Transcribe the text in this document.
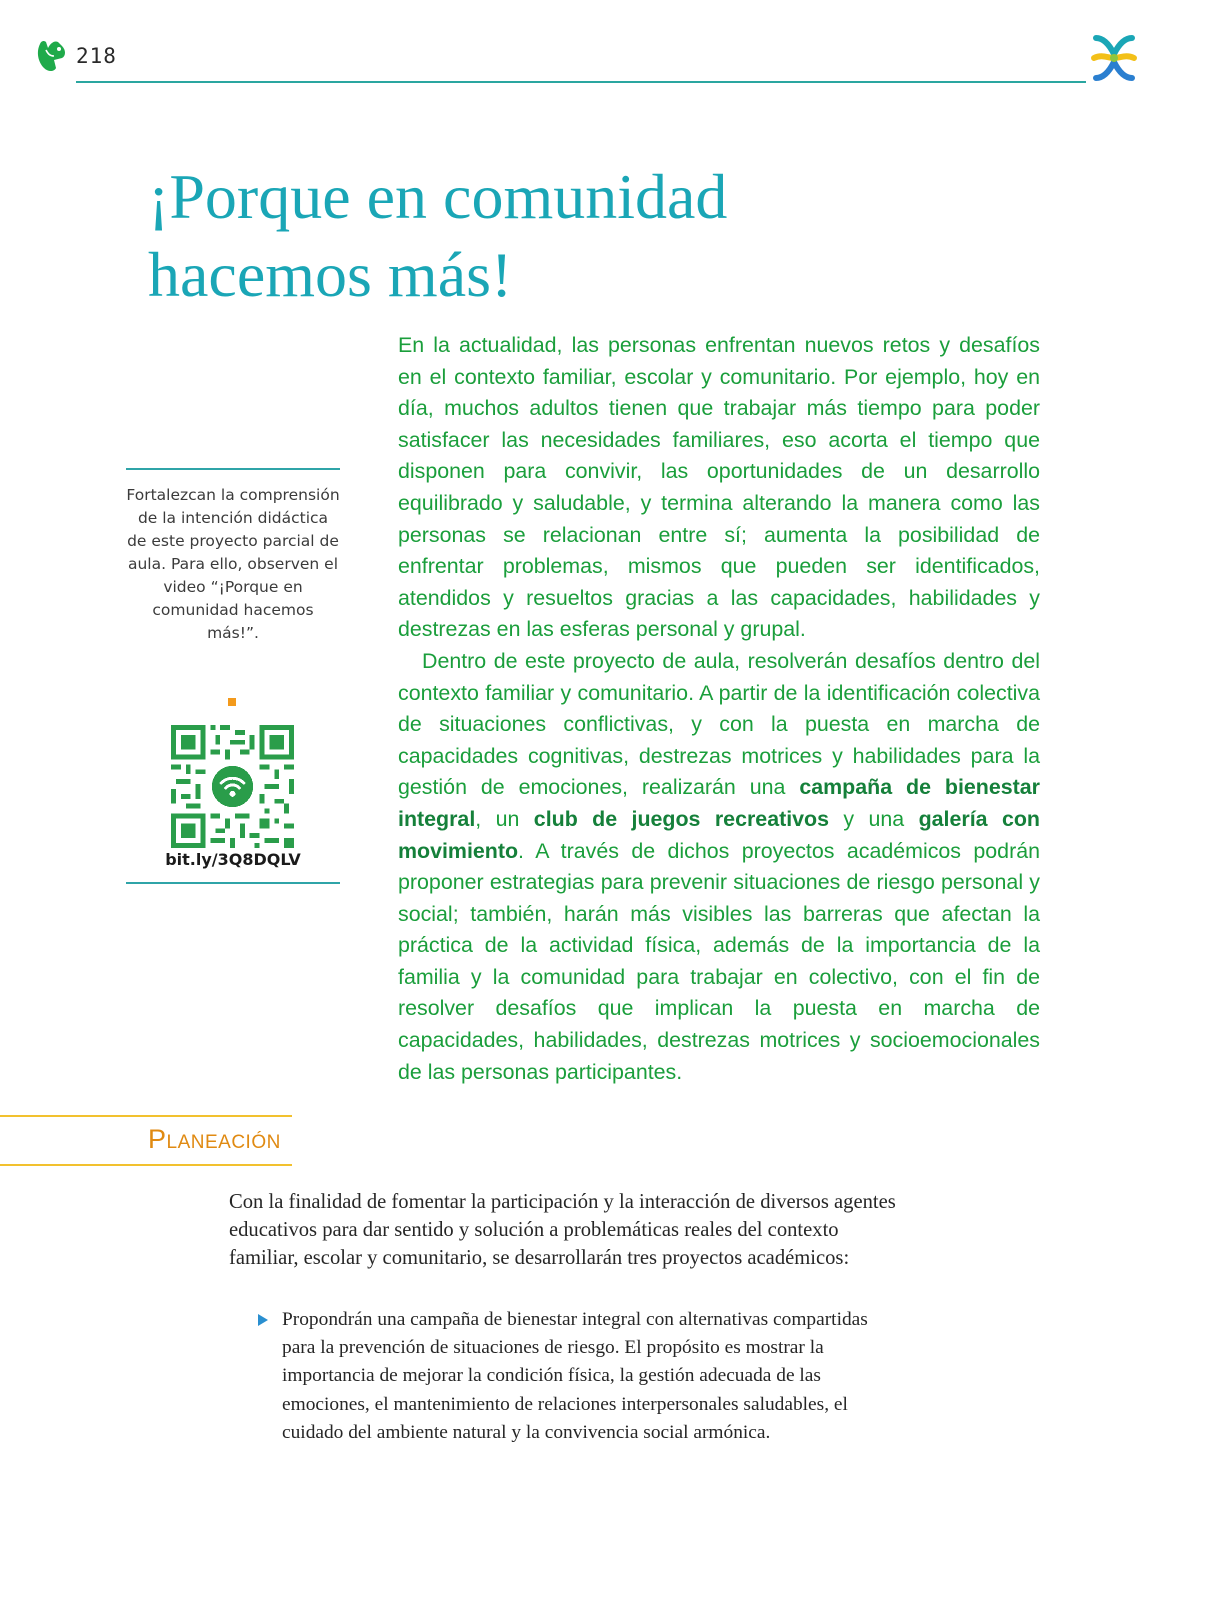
218
¡Porque en comunidad
hacemos más!

En la actualidad, las personas enfrentan nuevos retos y desafíos en el contexto familiar, escolar y comunitario. Por ejemplo, hoy en día, muchos adultos tienen que trabajar más tiempo para poder satisfacer las necesidades familiares, eso acorta el tiempo que disponen para convivir, las oportunidades de un desarrollo equilibrado y saludable, y termina alterando la manera como las personas se relacionan entre sí; aumenta la posibilidad de enfrentar problemas, mismos que pueden ser identificados, atendidos y resueltos gracias a las capacidades, habilidades y destrezas en las esferas personal y grupal.

Dentro de este proyecto de aula, resolverán desafíos dentro del contexto familiar y comunitario. A partir de la identificación colectiva de situaciones conflictivas, y con la puesta en marcha de capacidades cognitivas, destrezas motrices y habilidades para la gestión de emociones, realizarán una campaña de bienestar integral, un club de juegos recreativos y una galería con movimiento. A través de dichos proyectos académicos podrán proponer estrategias para prevenir situaciones de riesgo personal y social; también, harán más visibles las barreras que afectan la práctica de la actividad física, además de la importancia de la familia y la comunidad para trabajar en colectivo, con el fin de resolver desafíos que implican la puesta en marcha de capacidades, habilidades, destrezas motrices y socioemocionales de las personas participantes.

Fortalezcan la comprensión de la intención didáctica de este proyecto parcial de aula. Para ello, observen el video “¡Porque en comunidad hacemos más!”.

bit.ly/3Q8DQLV
Planeación

Con la finalidad de fomentar la participación y la interacción de diversos agentes educativos para dar sentido y solución a problemáticas reales del contexto familiar, escolar y comunitario, se desarrollarán tres proyectos académicos:

Propondrán una campaña de bienestar integral con alternativas compartidas para la prevención de situaciones de riesgo. El propósito es mostrar la importancia de mejorar la condición física, la gestión adecuada de las emociones, el mantenimiento de relaciones interpersonales saludables, el cuidado del ambiente natural y la convivencia social armónica.
